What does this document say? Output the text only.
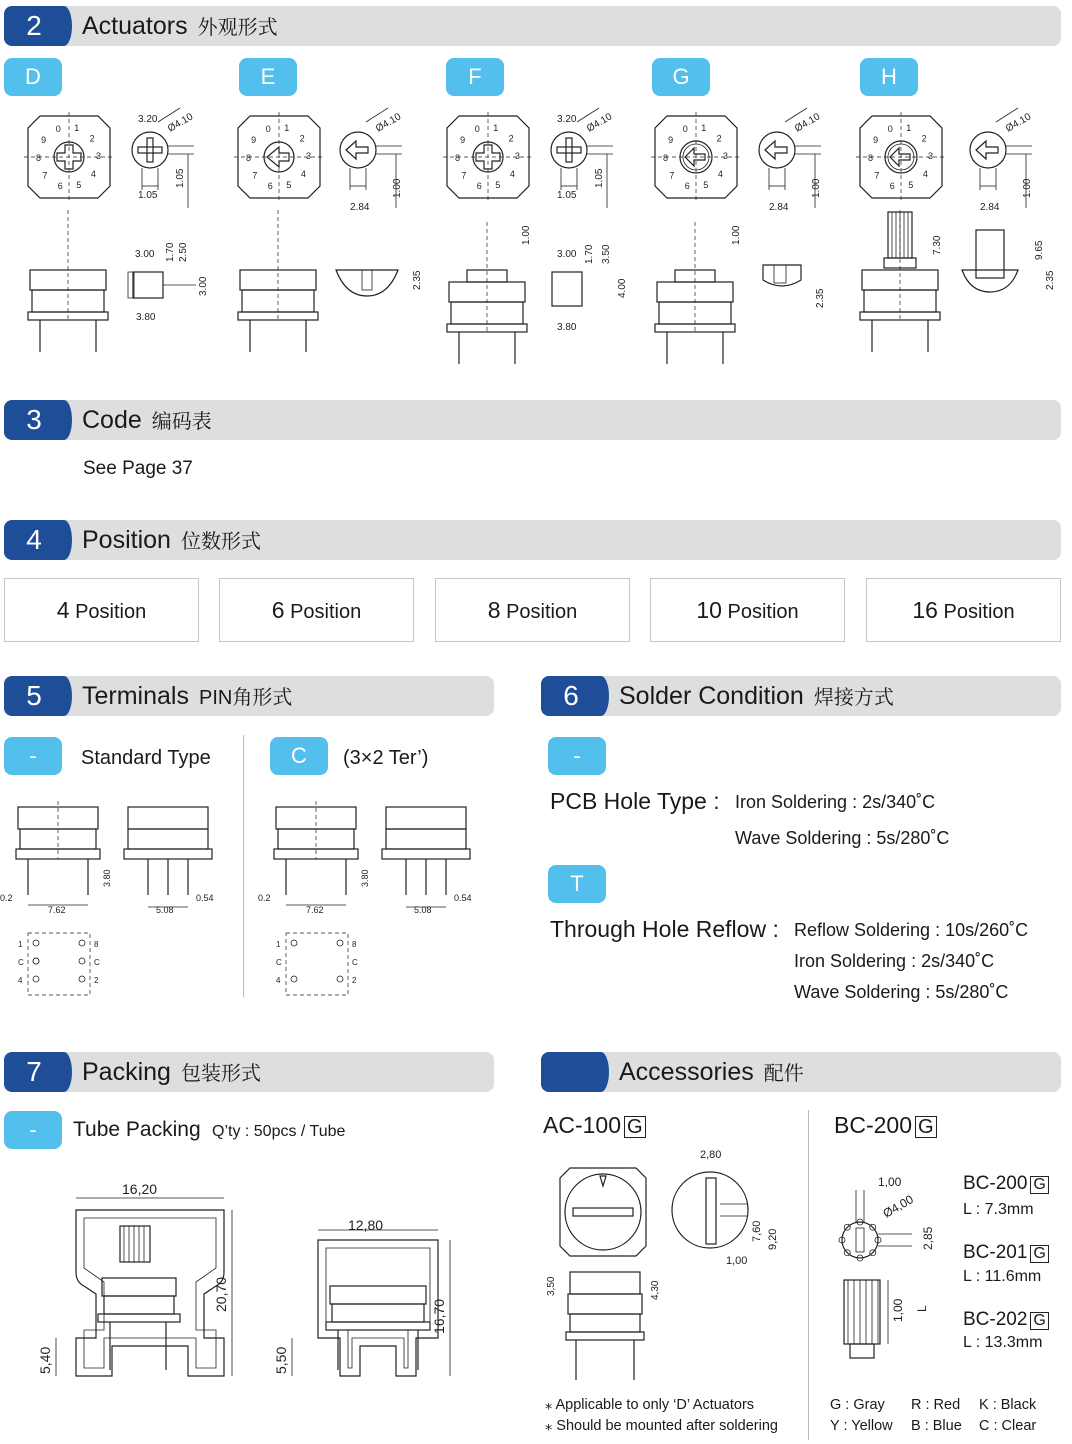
2	Actuators 外观形式
D	E	F	G	H
0 1
2
3
4
5
6
7
8
9
3.20 Ø4.10
1.05
1.05
3.00 1.70 2.50
3.00
3.80
0 1
2
3
4
5
6
7
8
9
Ø4.10
2.84
1.00
2.35
0 1
2
3
4
5
6
7
8
9
3.20 Ø4.10
1.05
1.05
1.00
3.00 1.70 3.50
4.00
3.80
0 1
2
3
4
5
6
7
8
9
Ø4.10
2.84
1.00
1.00
2.35
0 1
2
3
4
5
6
7
8
9
Ø4.10
2.84
1.00
7.30	9.65
2.35
3	Code 编码表
See Page 37
4	Position 位数形式
4 Position	6 Position	8 Position	10 Position	16 Position
5	Terminals PIN角形式
-	Standard Type	C	(3×2 Ter’)
0.2
7.62
3.80
5.08
0.54
1
C
4
8
C
2
0.2
7.62
3.80
5.08
0.54
1
C
4
8
C
2
6	Solder Condition 焊接方式
-
PCB Hole Type : Iron Soldering : 2s/340˚C
Wave Soldering : 5s/280˚C
T
Through Hole Reflow : Reflow Soldering : 10s/260˚C
Iron Soldering : 2s/340˚C
Wave Soldering : 5s/280˚C
7	Packing 包装形式
-	Tube Packing Q’ty : 50pcs / Tube
16,20
20,70
5,40
12,80
16,70
5,50
Accessories 配件
AC-100 G	BC-200 G
2,80
7,60 9,20
1,00
3,50	4,30
1,00
Ø4,00
2,85
1,00 L
BC-200 G
L : 7.3mm
BC-201 G
L : 11.6mm
BC-202 G
L : 13.3mm
⁎ Applicable to only ‘D’ Actuators
⁎ Should be mounted after soldering
G : Gray R : Red K : Black
Y : Yellow B : Blue C : Clear
